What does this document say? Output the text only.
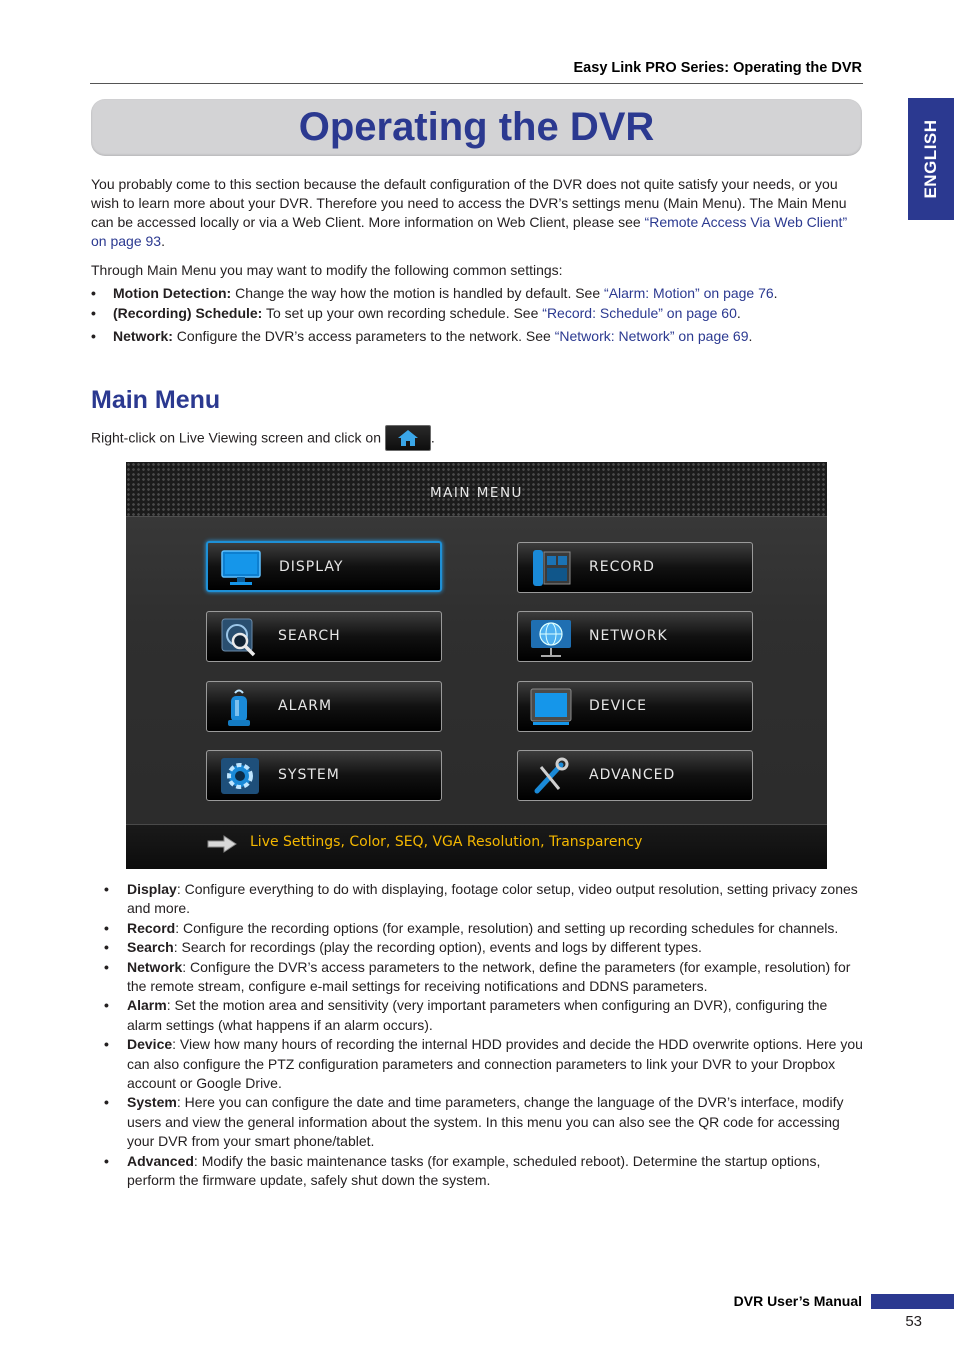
Easy Link PRO Series: Operating the DVR
ENGLISH
Operating the DVR

You probably come to this section because the default configuration of the DVR does not quite satisfy your needs, or you wish to learn more about your DVR. Therefore you need to access the DVR’s settings menu (Main Menu). The Main Menu can be accessed locally or via a Web Client. More information on Web Client, please see “Remote Access Via Web Client” on page 93.

Through Main Menu you may want to modify the following common settings:

• Motion Detection: Change the way how the motion is handled by default. See “Alarm: Motion” on page 76.
• (Recording) Schedule: To set up your own recording schedule. See “Record: Schedule” on page 60.
• Network: Configure the DVR’s access parameters to the network. See “Network: Network” on page 69.
Main Menu

Right-click on Live Viewing screen and click on	.

MAIN MENU
DISPLAY	RECORD
SEARCH	NETWORK
ALARM	DEVICE
SYSTEM	ADVANCED
Live Settings, Color, SEQ, VGA Resolution, Transparency
• Display: Configure everything to do with displaying, footage color setup, video output resolution, setting privacy zones and more.
• Record: Configure the recording options (for example, resolution) and setting up recording schedules for channels.
• Search: Search for recordings (play the recording option), events and logs by different types.
• Network: Configure the DVR’s access parameters to the network, define the parameters (for example, resolution) for the remote stream, configure e-mail settings for receiving notifications and DDNS parameters.
• Alarm: Set the motion area and sensitivity (very important parameters when configuring an DVR), configuring the alarm settings (what happens if an alarm occurs).
• Device: View how many hours of recording the internal HDD provides and decide the HDD overwrite options. Here you can also configure the PTZ configuration parameters and connection parameters to link your DVR to your Dropbox account or Google Drive.
• System: Here you can configure the date and time parameters, change the language of the DVR’s interface, modify users and view the general information about the system. In this menu you can also see the QR code for accessing your DVR from your smart phone/tablet.
• Advanced: Modify the basic maintenance tasks (for example, scheduled reboot). Determine the startup options, perform the firmware update, safely shut down the system.
DVR User’s Manual
53
